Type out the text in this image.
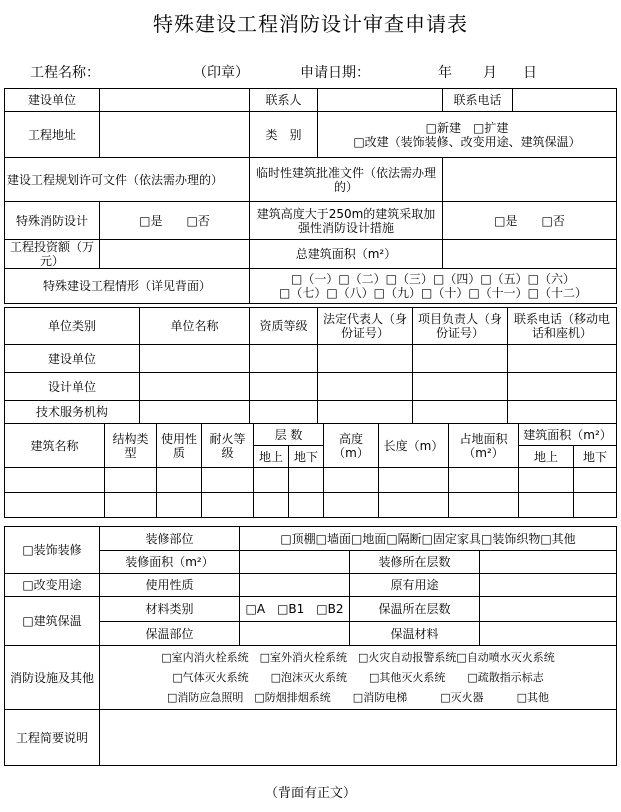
特殊建设工程消防设计审查申请表
工程名称：	（印章）	申请日期：	年 月 日
建设单位		联系人		联系电话	
工程地址		类　别	□新建　□扩建
□改建（装饰装修、改变用途、建筑保温）		

建设工程规划许可文件（依法需办理的）		临时性建筑批准文件（依法需办理的）			
特殊消防设计	□是　　 □否	建筑高度大于250m的建筑采取加强性消防设计措施		□是　　 □否	
工程投资额（万元）		总建筑面积（m²）			
特殊建设工程情形（详见背面）		□（一）□（二）□（三）□（四）□（五）□（六）
□（七）□（八）□（九）□（十）□（十一）□（十二）			
单位类别	单位名称	资质等级	法定代表人（身份证号）	项目负责人（身份证号）	联系电话（移动电话和座机）
建设单位					
设计单位					
技术服务机构					
建筑名称	结构类型	使用性质	耐火等级	层 数		高度（m）	长度（m）	占地面积（m²）	建筑面积（m²）	
				地上	地下				地上	地下

□装饰装修	装修部位	□顶棚□墙面□地面□隔断□固定家具□装饰织物□其他		
	装修面积（m²）		装修所在层数	
□改变用途	使用性质		原有用途	
□建筑保温	材料类别	□A　□B1　□B2	保温所在层数	
	保温部位		保温材料	
消防设施及其他	□室内消火栓系统　□室外消火栓系统　□火灾自动报警系统□自动喷水灭火系统
□气体灭火系统　　□泡沫灭火系统　　□其他灭火系统　　□疏散指示标志
□消防应急照明　□防烟排烟系统　　□消防电梯　　　□灭火器　　　□其他			

工程简要说明				
（背面有正文）
